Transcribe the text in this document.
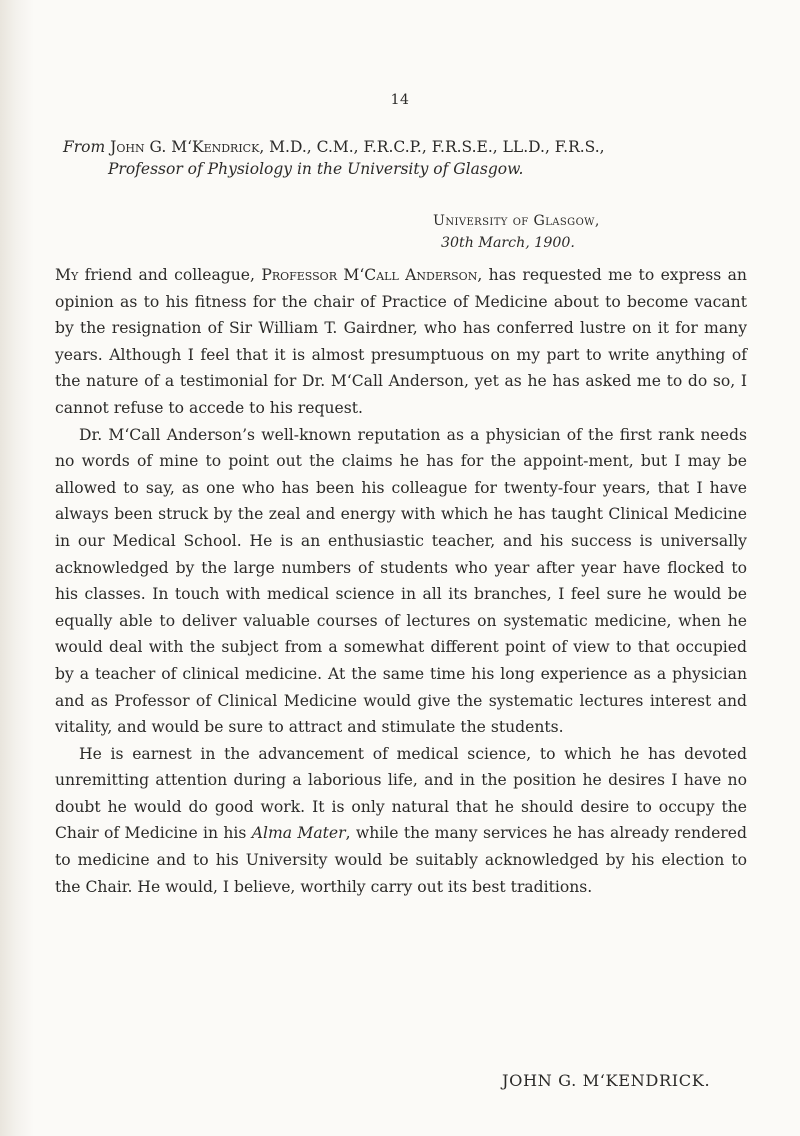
14
From John G. M‘Kendrick, M.D., C.M., F.R.C.P., F.R.S.E., LL.D., F.R.S.,
Professor of Physiology in the University of Glasgow.
University of Glasgow,
30th March, 1900.

My friend and colleague, Professor M‘Call Anderson, has requested me to express an opinion as to his fitness for the chair of Practice of Medicine about to become vacant by the resignation of Sir William T. Gairdner, who has conferred lustre on it for many years. Although I feel that it is almost presumptuous on my part to write anything of the nature of a testimonial for Dr. M‘Call Anderson, yet as he has asked me to do so, I cannot refuse to accede to his request.

Dr. M‘Call Anderson’s well-known reputation as a physician of the first rank needs no words of mine to point out the claims he has for the appoint-ment, but I may be allowed to say, as one who has been his colleague for twenty-four years, that I have always been struck by the zeal and energy with which he has taught Clinical Medicine in our Medical School. He is an enthusiastic teacher, and his success is universally acknowledged by the large numbers of students who year after year have flocked to his classes. In touch with medical science in all its branches, I feel sure he would be equally able to deliver valuable courses of lectures on systematic medicine, when he would deal with the subject from a somewhat different point of view to that occupied by a teacher of clinical medicine. At the same time his long experience as a physician and as Professor of Clinical Medicine would give the systematic lectures interest and vitality, and would be sure to attract and stimulate the students.

He is earnest in the advancement of medical science, to which he has devoted unremitting attention during a laborious life, and in the position he desires I have no doubt he would do good work. It is only natural that he should desire to occupy the Chair of Medicine in his Alma Mater, while the many services he has already rendered to medicine and to his University would be suitably acknowledged by his election to the Chair. He would, I believe, worthily carry out its best traditions.

JOHN G. M‘KENDRICK.
